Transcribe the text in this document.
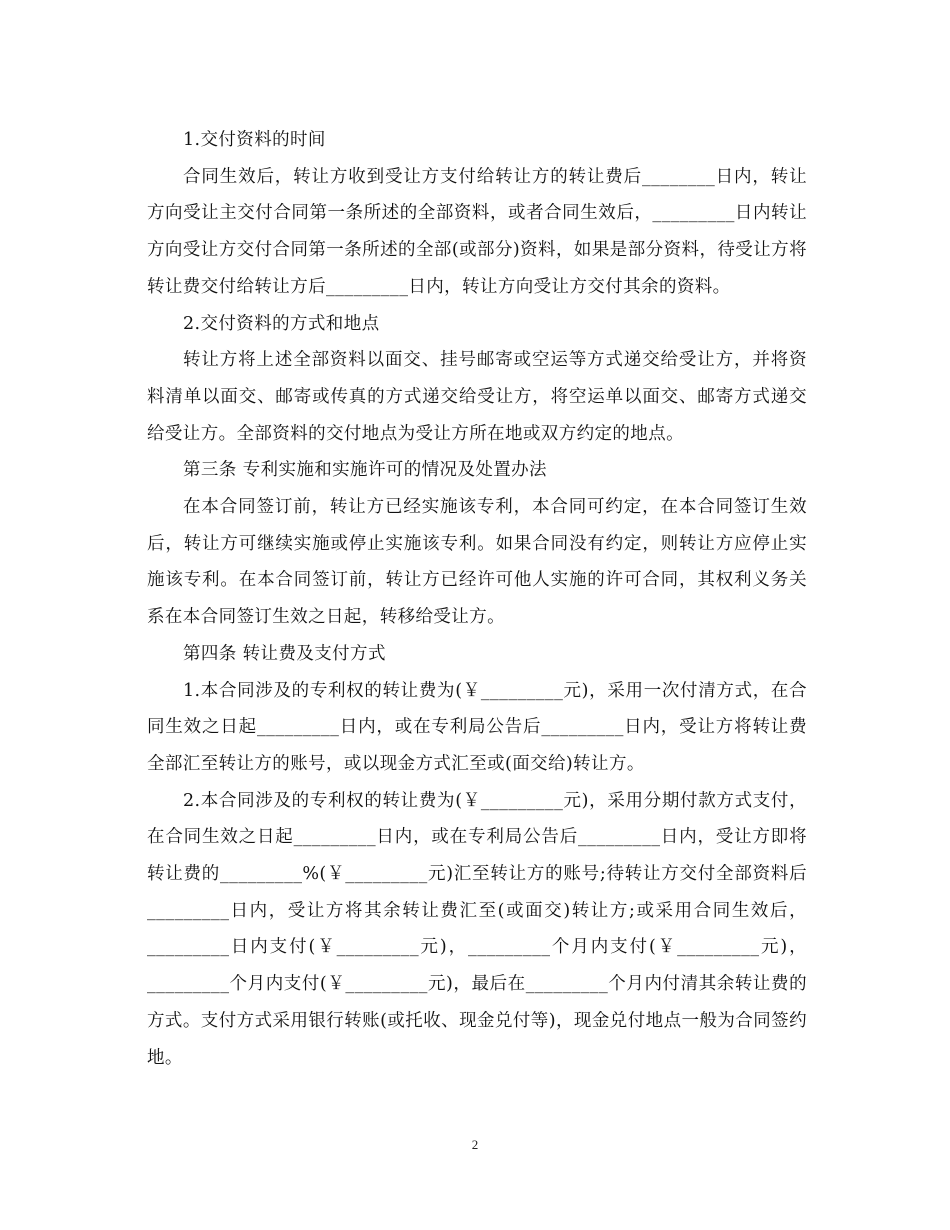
1.交付资料的时间

合同生效后，转让方收到受让方支付给转让方的转让费后________日内，转让方向受让主交付合同第一条所述的全部资料，或者合同生效后，_________日内转让方向受让方交付合同第一条所述的全部(或部分)资料，如果是部分资料，待受让方将转让费交付给转让方后_________日内，转让方向受让方交付其余的资料。

2.交付资料的方式和地点

转让方将上述全部资料以面交、挂号邮寄或空运等方式递交给受让方，并将资料清单以面交、邮寄或传真的方式递交给受让方，将空运单以面交、邮寄方式递交给受让方。全部资料的交付地点为受让方所在地或双方约定的地点。

第三条 专利实施和实施许可的情况及处置办法

在本合同签订前，转让方已经实施该专利，本合同可约定，在本合同签订生效后，转让方可继续实施或停止实施该专利。如果合同没有约定，则转让方应停止实施该专利。在本合同签订前，转让方已经许可他人实施的许可合同，其权利义务关系在本合同签订生效之日起，转移给受让方。

第四条 转让费及支付方式

1.本合同涉及的专利权的转让费为(￥_________元)，采用一次付清方式，在合同生效之日起_________日内，或在专利局公告后_________日内，受让方将转让费全部汇至转让方的账号，或以现金方式汇至或(面交给)转让方。

2.本合同涉及的专利权的转让费为(￥_________元)，采用分期付款方式支付，在合同生效之日起_________日内，或在专利局公告后_________日内，受让方即将转让费的_________%(￥_________元)汇至转让方的账号;待转让方交付全部资料后_________日内，受让方将其余转让费汇至(或面交)转让方;或采用合同生效后，_________日内支付(￥_________元)，_________个月内支付(￥_________元)，_________个月内支付(￥_________元)，最后在_________个月内付清其余转让费的方式。支付方式采用银行转账(或托收、现金兑付等)，现金兑付地点一般为合同签约地。

2
